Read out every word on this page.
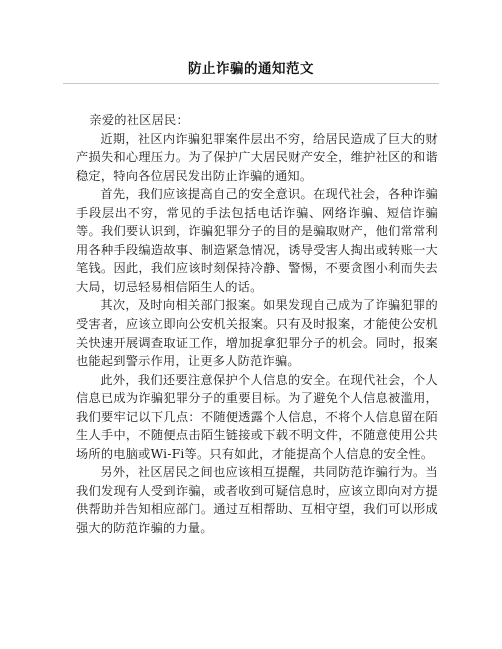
防止诈骗的通知范文

亲爱的社区居民：

近期，社区内诈骗犯罪案件层出不穷，给居民造成了巨大的财产损失和心理压力。为了保护广大居民财产安全，维护社区的和谐稳定，特向各位居民发出防止诈骗的通知。

首先，我们应该提高自己的安全意识。在现代社会，各种诈骗手段层出不穷，常见的手法包括电话诈骗、网络诈骗、短信诈骗等。我们要认识到，诈骗犯罪分子的目的是骗取财产，他们常常利用各种手段编造故事、制造紧急情况，诱导受害人掏出或转账一大笔钱。因此，我们应该时刻保持冷静、警惕，不要贪图小利而失去大局，切忌轻易相信陌生人的话。

其次，及时向相关部门报案。如果发现自己成为了诈骗犯罪的受害者，应该立即向公安机关报案。只有及时报案，才能使公安机关快速开展调查取证工作，增加捉拿犯罪分子的机会。同时，报案也能起到警示作用，让更多人防范诈骗。

此外，我们还要注意保护个人信息的安全。在现代社会，个人信息已成为诈骗犯罪分子的重要目标。为了避免个人信息被滥用，我们要牢记以下几点：不随便透露个人信息，不将个人信息留在陌生人手中，不随便点击陌生链接或下载不明文件，不随意使用公共场所的电脑或Wi-Fi等。只有如此，才能提高个人信息的安全性。

另外，社区居民之间也应该相互提醒，共同防范诈骗行为。当我们发现有人受到诈骗，或者收到可疑信息时，应该立即向对方提供帮助并告知相应部门。通过互相帮助、互相守望，我们可以形成强大的防范诈骗的力量。
